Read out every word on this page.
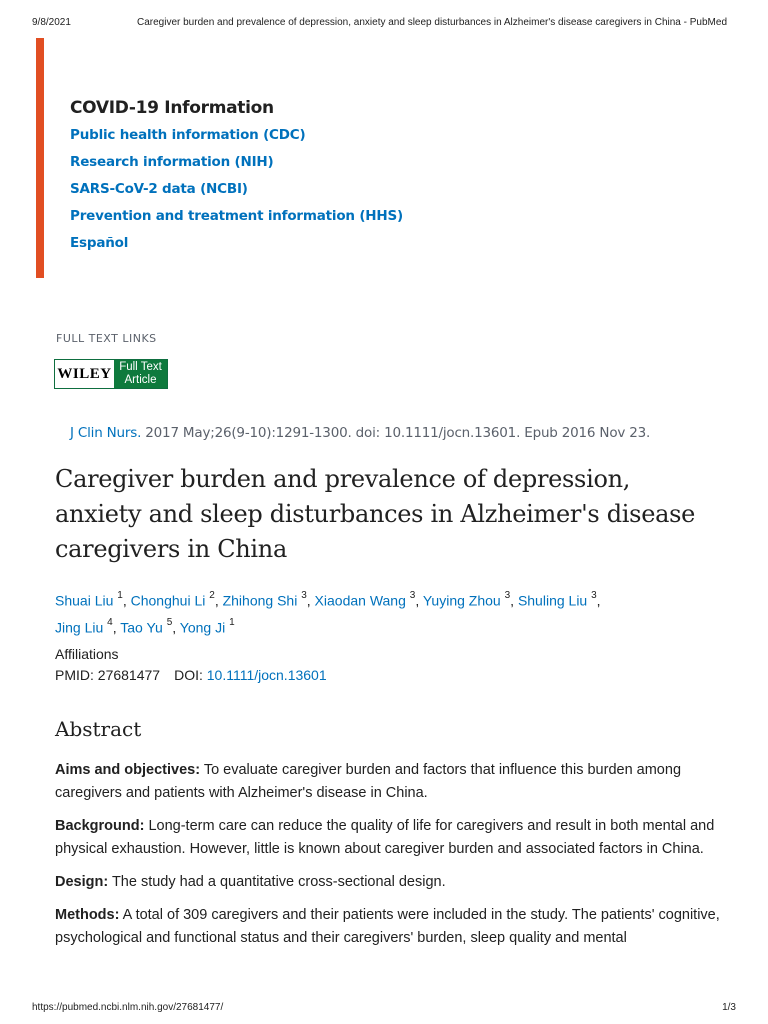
9/8/2021	Caregiver burden and prevalence of depression, anxiety and sleep disturbances in Alzheimer's disease caregivers in China - PubMed
COVID-19 Information
Public health information (CDC)
Research information (NIH)
SARS-CoV-2 data (NCBI)
Prevention and treatment information (HHS)
Español
FULL TEXT LINKS
WILEY Full Text
Article
J Clin Nurs. 2017 May;26(9-10):1291-1300. doi: 10.1111/jocn.13601. Epub 2016 Nov 23.
Caregiver burden and prevalence of depression, anxiety and sleep disturbances in Alzheimer's disease caregivers in China
Shuai Liu $^1$, Chonghui Li $^2$, Zhihong Shi $^3$, Xiaodan Wang $^3$, Yuying Zhou $^3$, Shuling Liu $^3$,
Jing Liu $^4$, Tao Yu $^5$, Yong Ji $^1$
Affiliations
PMID: 27681477 DOI: 10.1111/jocn.13601
Abstract

Aims and objectives: To evaluate caregiver burden and factors that influence this burden among caregivers and patients with Alzheimer's disease in China.

Background: Long-term care can reduce the quality of life for caregivers and result in both mental and physical exhaustion. However, little is known about caregiver burden and associated factors in China.

Design: The study had a quantitative cross-sectional design.

Methods: A total of 309 caregivers and their patients were included in the study. The patients' cognitive, psychological and functional status and their caregivers' burden, sleep quality and mental

https://pubmed.ncbi.nlm.nih.gov/27681477/	1/3
